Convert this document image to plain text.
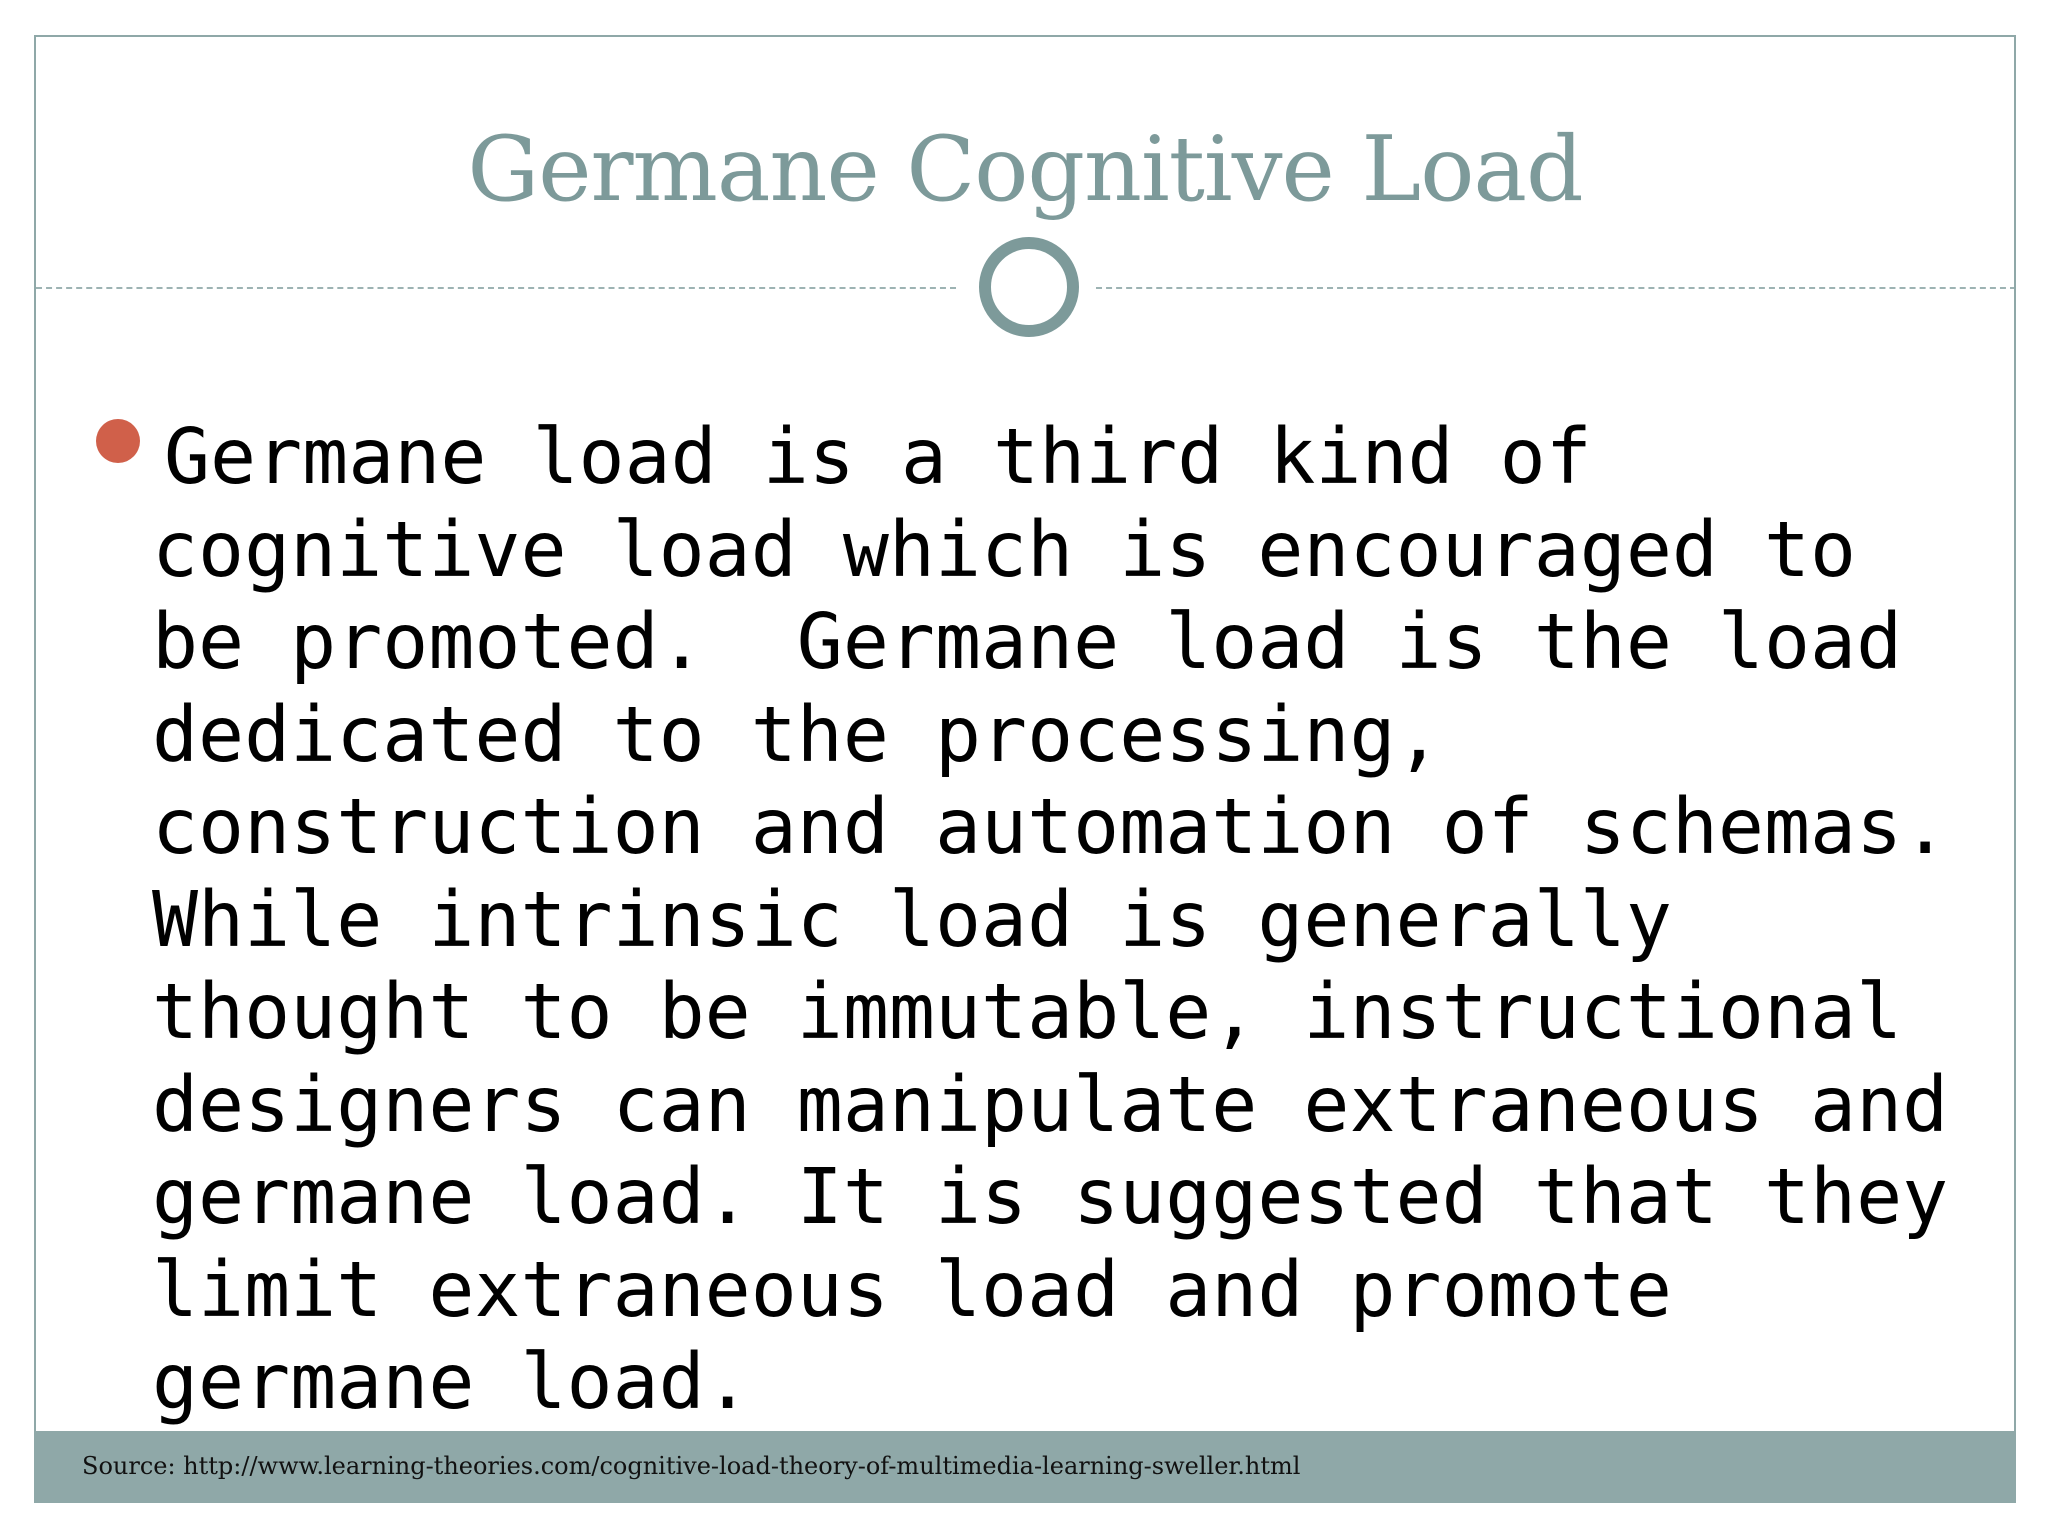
Germane Cognitive Load

Germane load is a third kind of
cognitive load which is encouraged to
be promoted.  Germane load is the load
dedicated to the processing,
construction and automation of schemas.
While intrinsic load is generally
thought to be immutable, instructional
designers can manipulate extraneous and
germane load. It is suggested that they
limit extraneous load and promote
germane load.

Source: http://www.learning-theories.com/cognitive-load-theory-of-multimedia-learning-sweller.html
